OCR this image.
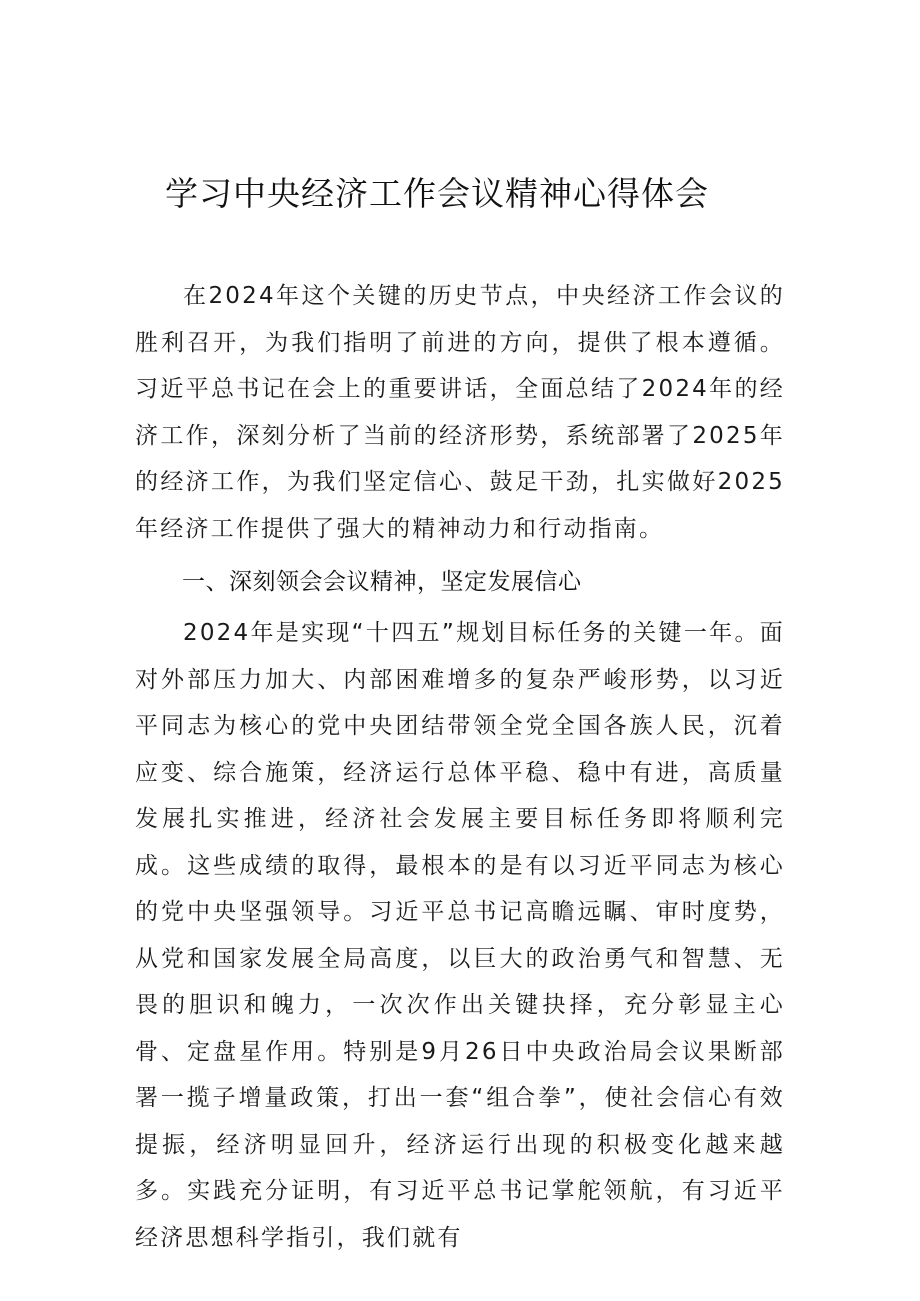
学习中央经济工作会议精神心得体会

在2024年这个关键的历史节点，中央经济工作会议的胜利召开，为我们指明了前进的方向，提供了根本遵循。习近平总书记在会上的重要讲话，全面总结了2024年的经济工作，深刻分析了当前的经济形势，系统部署了2025年的经济工作，为我们坚定信心、鼓足干劲，扎实做好2025年经济工作提供了强大的精神动力和行动指南。

一、深刻领会会议精神，坚定发展信心

2024年是实现“十四五”规划目标任务的关键一年。面对外部压力加大、内部困难增多的复杂严峻形势，以习近平同志为核心的党中央团结带领全党全国各族人民，沉着应变、综合施策，经济运行总体平稳、稳中有进，高质量发展扎实推进，经济社会发展主要目标任务即将顺利完成。这些成绩的取得，最根本的是有以习近平同志为核心的党中央坚强领导。习近平总书记高瞻远瞩、审时度势，从党和国家发展全局高度，以巨大的政治勇气和智慧、无畏的胆识和魄力，一次次作出关键抉择，充分彰显主心骨、定盘星作用。特别是9月26日中央政治局会议果断部署一揽子增量政策，打出一套“组合拳”，使社会信心有效提振，经济明显回升，经济运行出现的积极变化越来越多。实践充分证明，有习近平总书记掌舵领航，有习近平经济思想科学指引，我们就有
